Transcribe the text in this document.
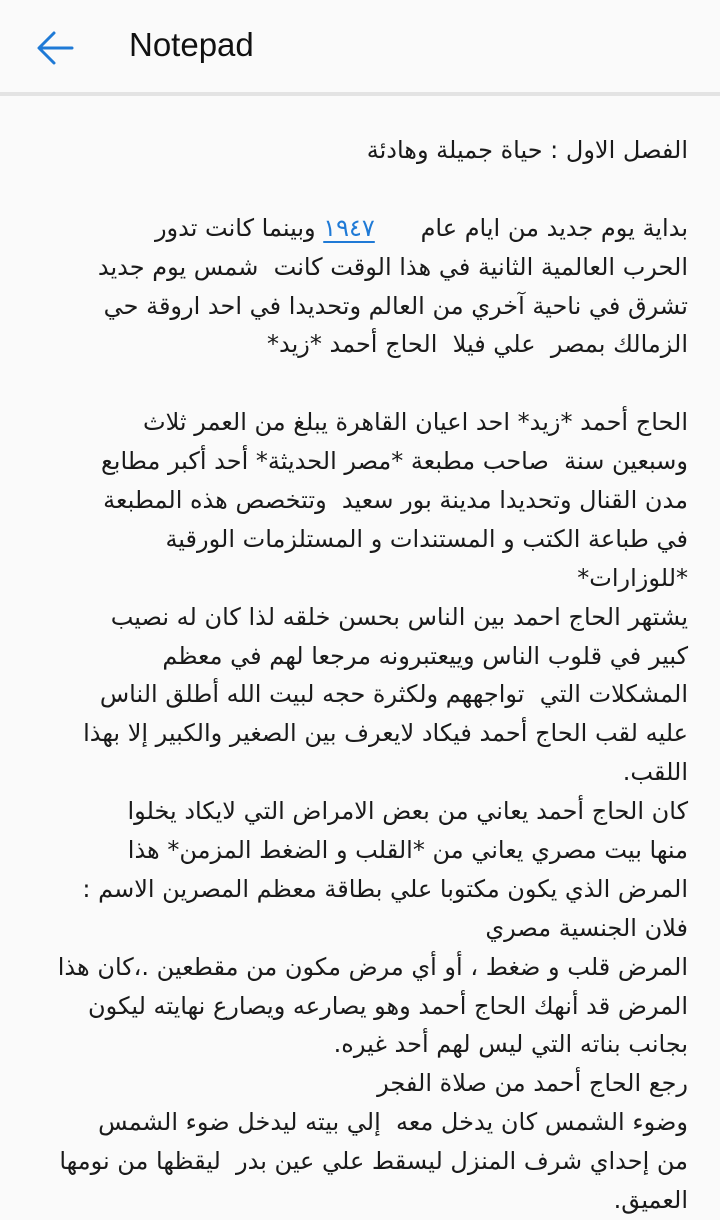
Notepad
الفصل الاول : حياة جميلة وهادئة
بداية يوم جديد من ايام عام      ١٩٤٧ وبينما كانت تدور
الحرب العالمية الثانية في هذا الوقت كانت  شمس يوم جديد
تشرق في ناحية آخري من العالم وتحديدا في احد اروقة حي
الزمالك بمصر  علي فيلا  الحاج أحمد *زيد*
الحاج أحمد *زيد* احد اعيان القاهرة يبلغ من العمر ثلاث
وسبعين سنة  صاحب مطبعة *مصر الحديثة* أحد أكبر مطابع
مدن القنال وتحديدا مدينة بور سعيد  وتتخصص هذه المطبعة
في طباعة الكتب و المستندات و المستلزمات الورقية
*للوزارات*
يشتهر الحاج احمد بين الناس بحسن خلقه لذا كان له نصيب
كبير في قلوب الناس وييعتبرونه مرجعا لهم في معظم
المشكلات التي  تواجههم ولكثرة حجه لبيت الله أطلق الناس
عليه لقب الحاج أحمد فيكاد لايعرف بين الصغير والكبير إلا بهذا
اللقب.
كان الحاج أحمد يعاني من بعض الامراض التي لايكاد يخلوا
منها بيت مصري يعاني من *القلب و الضغط المزمن* هذا
المرض الذي يكون مكتوبا علي بطاقة معظم المصرين الاسم :
فلان الجنسية مصري
المرض قلب و ضغط ، أو أي مرض مكون من مقطعين .،كان هذا
المرض قد أنهك الحاج أحمد وهو يصارعه ويصارع نهايته ليكون
بجانب بناته التي ليس لهم أحد غيره.
رجع الحاج أحمد من صلاة الفجر
وضوء الشمس كان يدخل معه  إلي بيته ليدخل ضوء الشمس
من إحداي شرف المنزل ليسقط علي عين بدر  ليقظها من نومها
العميق.
